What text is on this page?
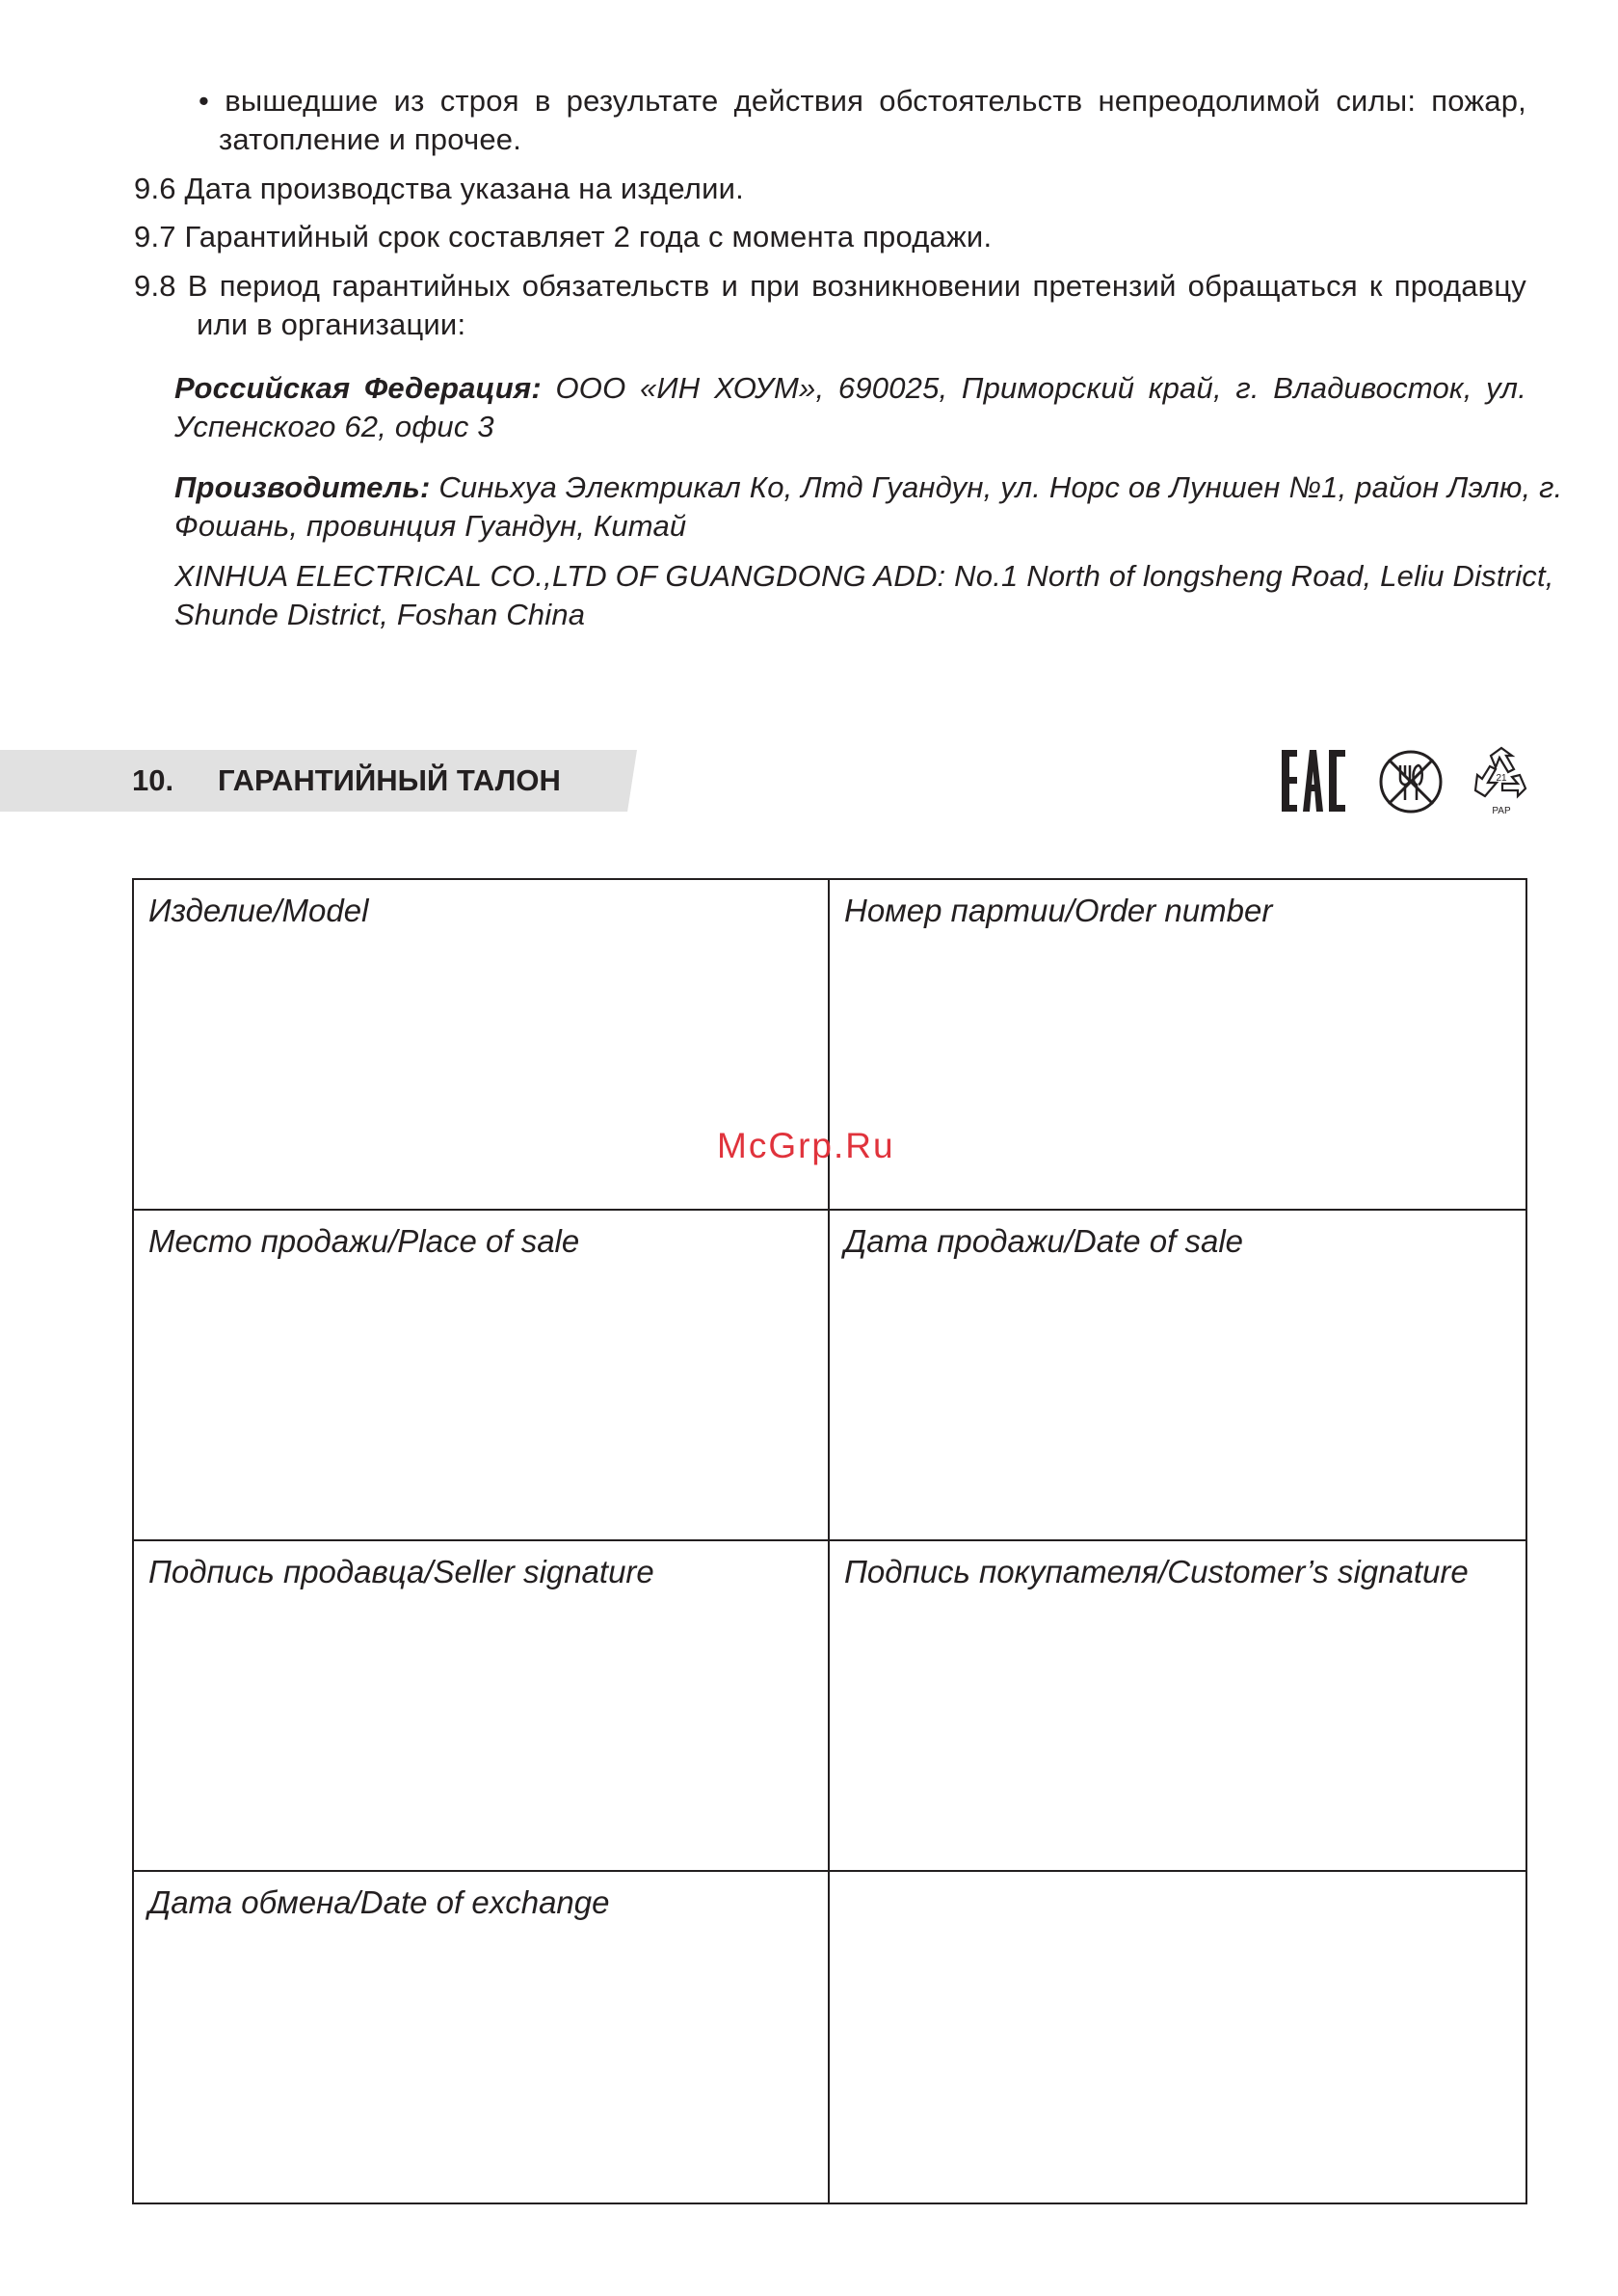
• вышедшие из строя в результате действия обстоятельств непреодолимой силы: пожар,
затопление и прочее.
9.6 Дата производства указана на изделии.
9.7 Гарантийный срок составляет 2 года с момента продажи.
9.8 В период гарантийных обязательств и при возникновении претензий обращаться к продавцу
или в организации:
Российская Федерация: ООО «ИН ХОУМ», 690025, Приморский край, г. Владивосток, ул.
Успенского 62, офис 3
Производитель: Синьхуа Электрикал Ко, Лтд Гуандун, ул. Норс ов Луншен №1, район Лэлю, г.
Фошань, провинция Гуандун, Китай
XINHUA ELECTRICAL CO.,LTD OF GUANGDONG ADD: No.1 North of longsheng Road, Leliu District,
Shunde District, Foshan China
10. ГАРАНТИЙНЫЙ ТАЛОН
EAC
21
PAP
Изделие/Model	Номер партии/Order number
Место продажи/Place of sale	Дата продажи/Date of sale
Подпись продавца/Seller signature	Подпись покупателя/Customer’s signature
Дата обмена/Date of exchange
McGrp.Ru
